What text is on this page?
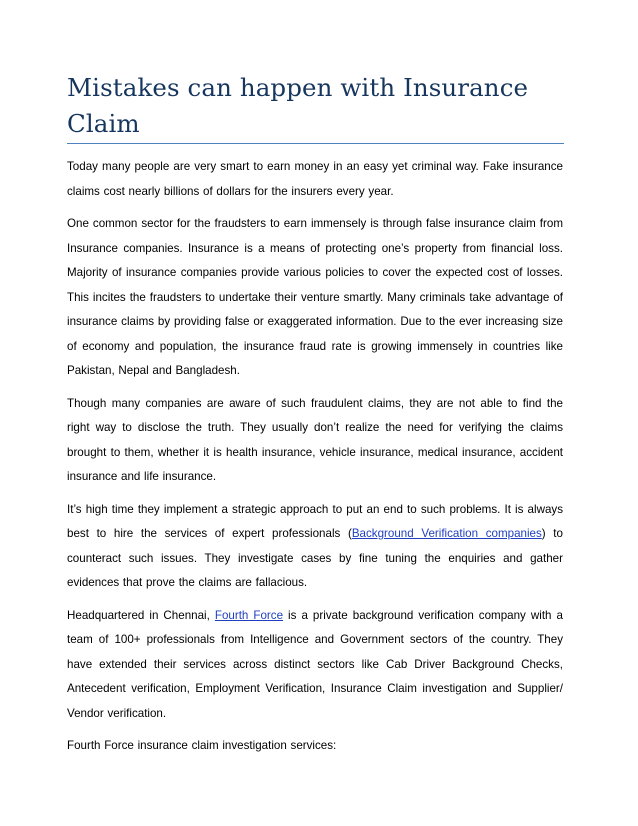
Mistakes can happen with Insurance Claim

Today many people are very smart to earn money in an easy yet criminal way. Fake insurance claims cost nearly billions of dollars for the insurers every year.

One common sector for the fraudsters to earn immensely is through false insurance claim from Insurance companies. Insurance is a means of protecting one’s property from financial loss. Majority of insurance companies provide various policies to cover the expected cost of losses. This incites the fraudsters to undertake their venture smartly. Many criminals take advantage of insurance claims by providing false or exaggerated information. Due to the ever increasing size of economy and population, the insurance fraud rate is growing immensely in countries like Pakistan, Nepal and Bangladesh.

Though many companies are aware of such fraudulent claims, they are not able to find the right way to disclose the truth. They usually don’t realize the need for verifying the claims brought to them, whether it is health insurance, vehicle insurance, medical insurance, accident insurance and life insurance.

It’s high time they implement a strategic approach to put an end to such problems. It is always best to hire the services of expert professionals (Background Verification companies) to counteract such issues. They investigate cases by fine tuning the enquiries and gather evidences that prove the claims are fallacious.

Headquartered in Chennai, Fourth Force is a private background verification company with a team of 100+ professionals from Intelligence and Government sectors of the country. They have extended their services across distinct sectors like Cab Driver Background Checks, Antecedent verification, Employment Verification, Insurance Claim investigation and Supplier/ Vendor verification.

Fourth Force insurance claim investigation services:
